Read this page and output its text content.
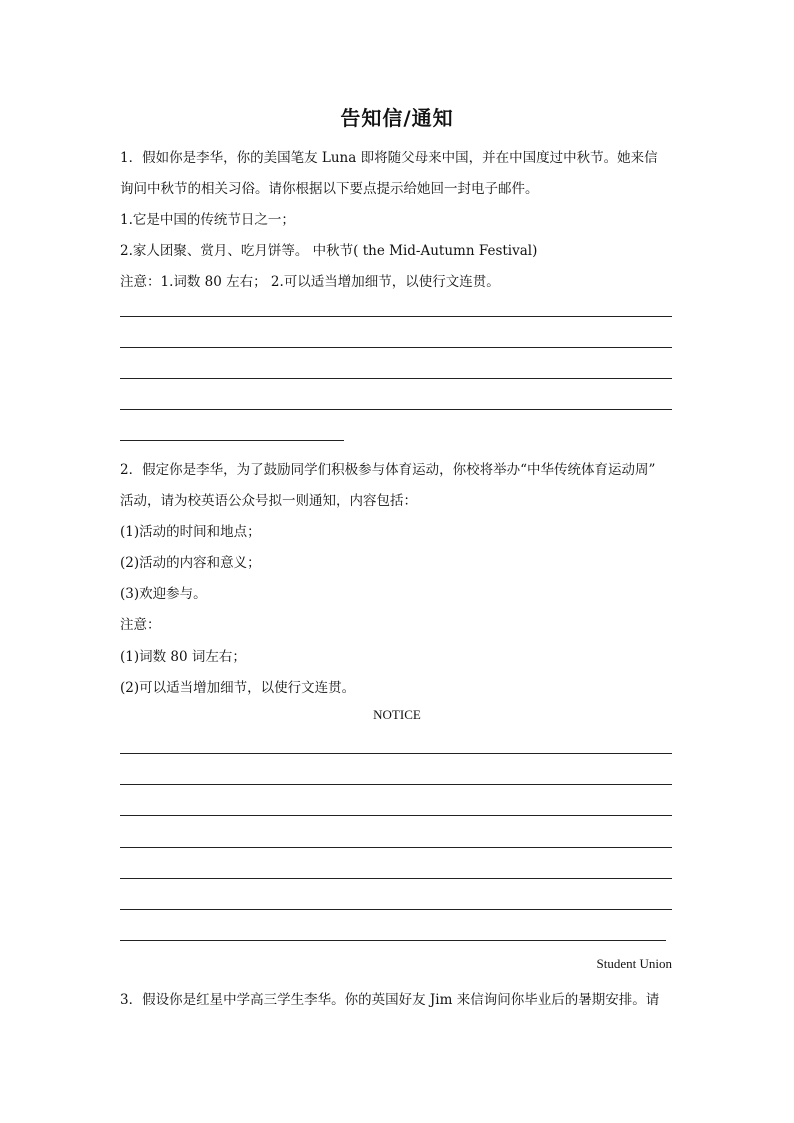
告知信/通知
1．假如你是李华，你的美国笔友 Luna 即将随父母来中国，并在中国度过中秋节。她来信
询问中秋节的相关习俗。请你根据以下要点提示给她回一封电子邮件。
1.它是中国的传统节日之一；
2.家人团聚、赏月、吃月饼等。 中秋节( the Mid-Autumn Festival)
注意：1.词数 80 左右； 2.可以适当增加细节，以使行文连贯。
2．假定你是李华，为了鼓励同学们积极参与体育运动，你校将举办“中华传统体育运动周”
活动，请为校英语公众号拟一则通知，内容包括：
(1)活动的时间和地点；
(2)活动的内容和意义；
(3)欢迎参与。
注意：
(1)词数 80 词左右；
(2)可以适当增加细节，以使行文连贯。
NOTICE
Student Union
3．假设你是红星中学高三学生李华。你的英国好友 Jim 来信询问你毕业后的暑期安排。请
